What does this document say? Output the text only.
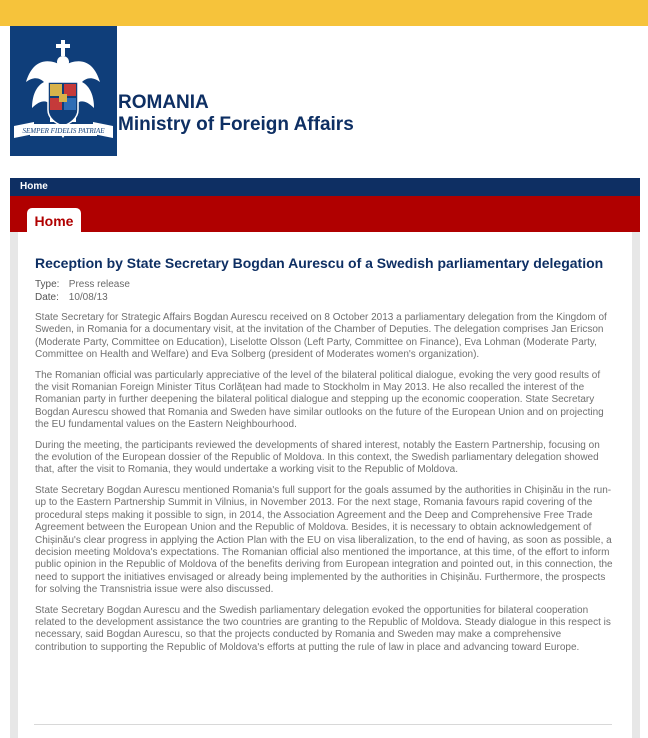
SEMPER FIDELIS PATRIAE
ROMANIA
Ministry of Foreign Affairs
Home
Home
Reception by State Secretary Bogdan Aurescu of a Swedish parliamentary delegation
Type: Press release
Date: 10/08/13

State Secretary for Strategic Affairs Bogdan Aurescu received on 8 October 2013 a parliamentary delegation from the Kingdom of Sweden, in Romania for a documentary visit, at the invitation of the Chamber of Deputies. The delegation comprises Jan Ericson (Moderate Party, Committee on Education), Liselotte Olsson (Left Party, Committee on Finance), Eva Lohman (Moderate Party, Committee on Health and Welfare) and Eva Solberg (president of Moderates women's organization).

The Romanian official was particularly appreciative of the level of the bilateral political dialogue, evoking the very good results of the visit Romanian Foreign Minister Titus Corlățean had made to Stockholm in May 2013. He also recalled the interest of the Romanian party in further deepening the bilateral political dialogue and stepping up the economic cooperation. State Secretary Bogdan Aurescu showed that Romania and Sweden have similar outlooks on the future of the European Union and on projecting the EU fundamental values on the Eastern Neighbourhood.

During the meeting, the participants reviewed the developments of shared interest, notably the Eastern Partnership, focusing on the evolution of the European dossier of the Republic of Moldova. In this context, the Swedish parliamentary delegation showed that, after the visit to Romania, they would undertake a working visit to the Republic of Moldova.

State Secretary Bogdan Aurescu mentioned Romania's full support for the goals assumed by the authorities in Chișinău in the run-up to the Eastern Partnership Summit in Vilnius, in November 2013. For the next stage, Romania favours rapid covering of the procedural steps making it possible to sign, in 2014, the Association Agreement and the Deep and Comprehensive Free Trade Agreement between the European Union and the Republic of Moldova. Besides, it is necessary to obtain acknowledgement of Chișinău's clear progress in applying the Action Plan with the EU on visa liberalization, to the end of having, as soon as possible, a decision meeting Moldova's expectations. The Romanian official also mentioned the importance, at this time, of the effort to inform public opinion in the Republic of Moldova of the benefits deriving from European integration and pointed out, in this connection, the need to support the initiatives envisaged or already being implemented by the authorities in Chișinău. Furthermore, the prospects for solving the Transnistria issue were also discussed.

State Secretary Bogdan Aurescu and the Swedish parliamentary delegation evoked the opportunities for bilateral cooperation related to the development assistance the two countries are granting to the Republic of Moldova. Steady dialogue in this respect is necessary, said Bogdan Aurescu, so that the projects conducted by Romania and Sweden may make a comprehensive contribution to supporting the Republic of Moldova's efforts at putting the rule of law in place and advancing toward Europe.
